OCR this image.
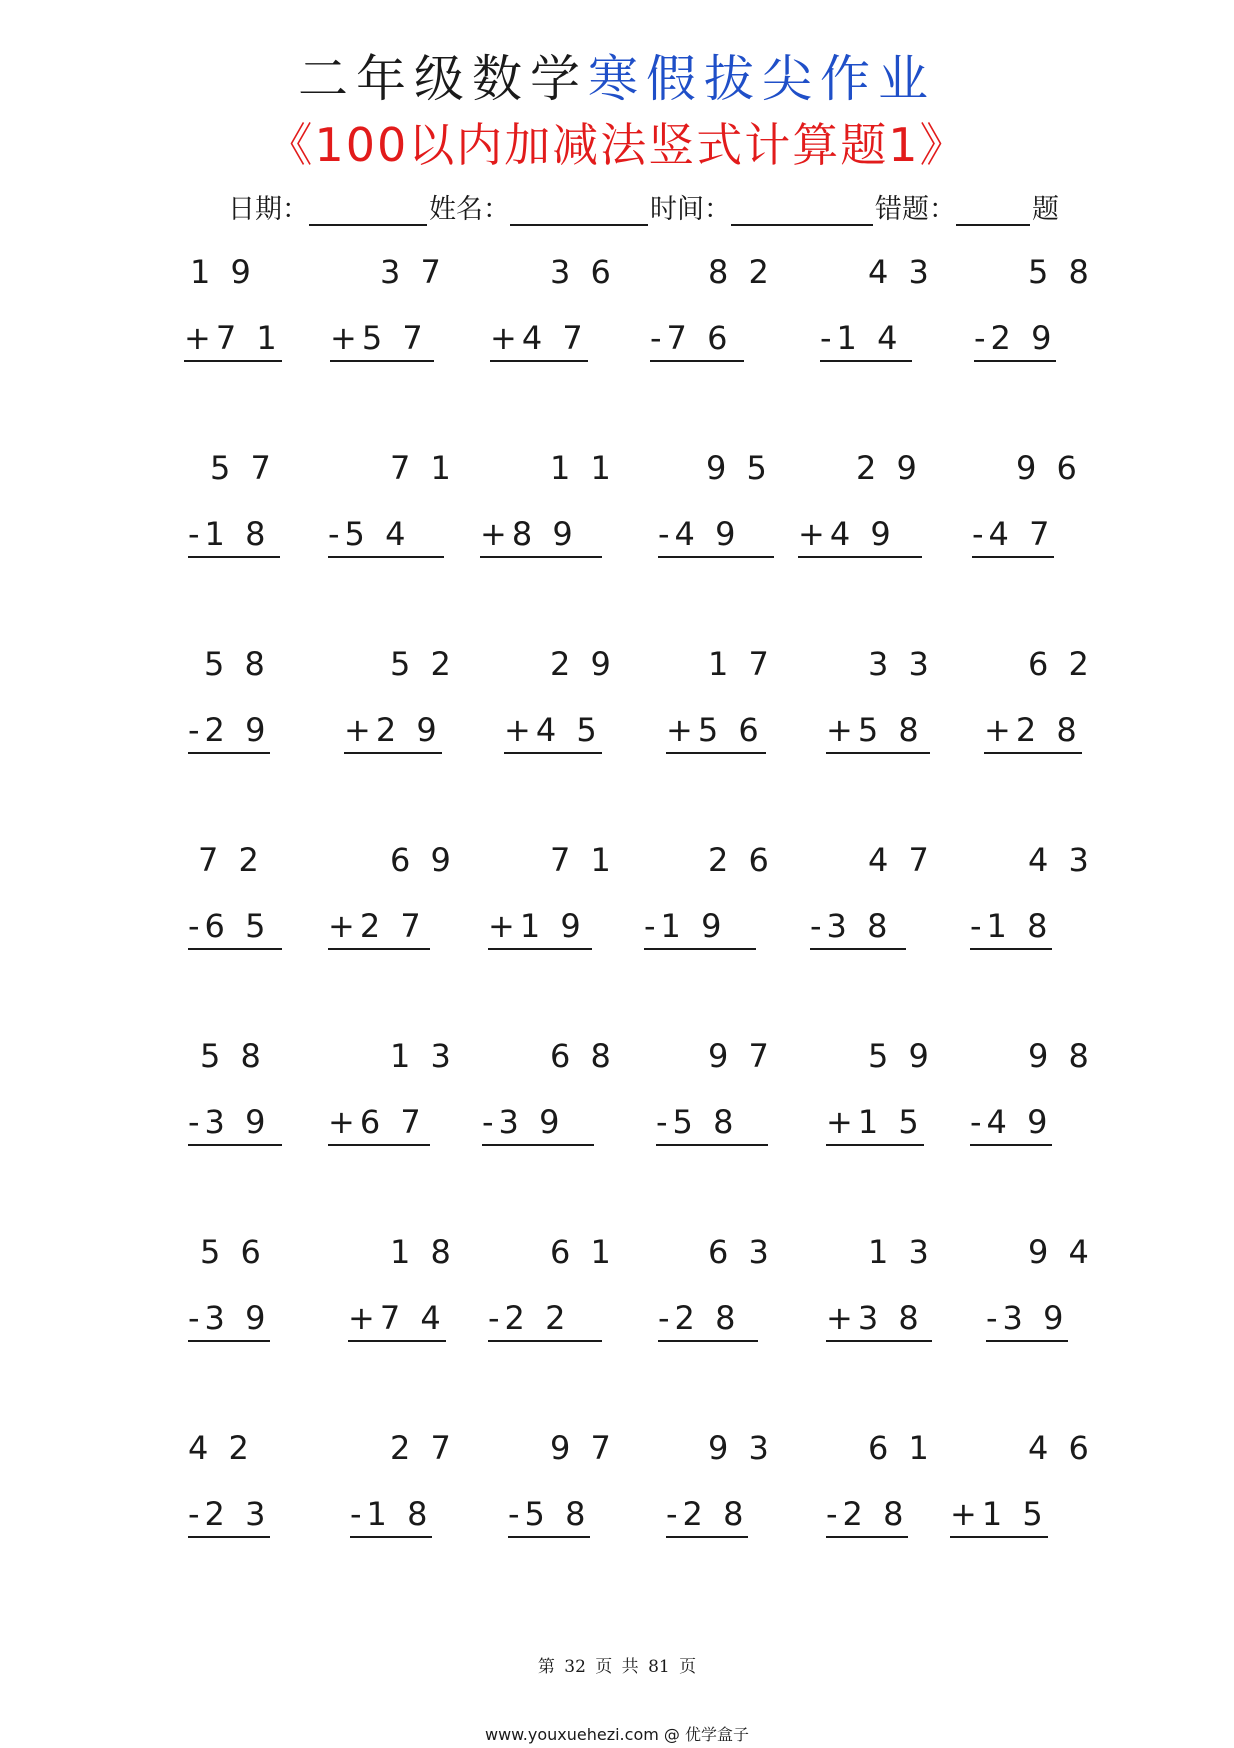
二年级数学寒假拔尖作业
《100以内加减法竖式计算题1》
日期：	姓名：	时间：	错题：	题
1 9
+7 1
3 7
+5 7
3 6
+4 7
8 2
-7 6
4 3
-1 4
5 8
-2 9
5 7
-1 8
7 1
-5 4
1 1
+8 9
9 5
-4 9
2 9
+4 9
9 6
-4 7
5 8
-2 9
5 2
+2 9
2 9
+4 5
1 7
+5 6
3 3
+5 8
6 2
+2 8
7 2
-6 5
6 9
+2 7
7 1
+1 9
2 6
-1 9
4 7
-3 8
4 3
-1 8
5 8
-3 9
1 3
+6 7
6 8
-3 9
9 7
-5 8
5 9
+1 5
9 8
-4 9
5 6
-3 9
1 8
+7 4
6 1
-2 2
6 3
-2 8
1 3
+3 8
9 4
-3 9
4 2
-2 3
2 7
-1 8
9 7
-5 8
9 3
-2 8
6 1
-2 8
4 6
+1 5
第 32 页 共 81 页
www.youxuehezi.com @ 优学盒子
